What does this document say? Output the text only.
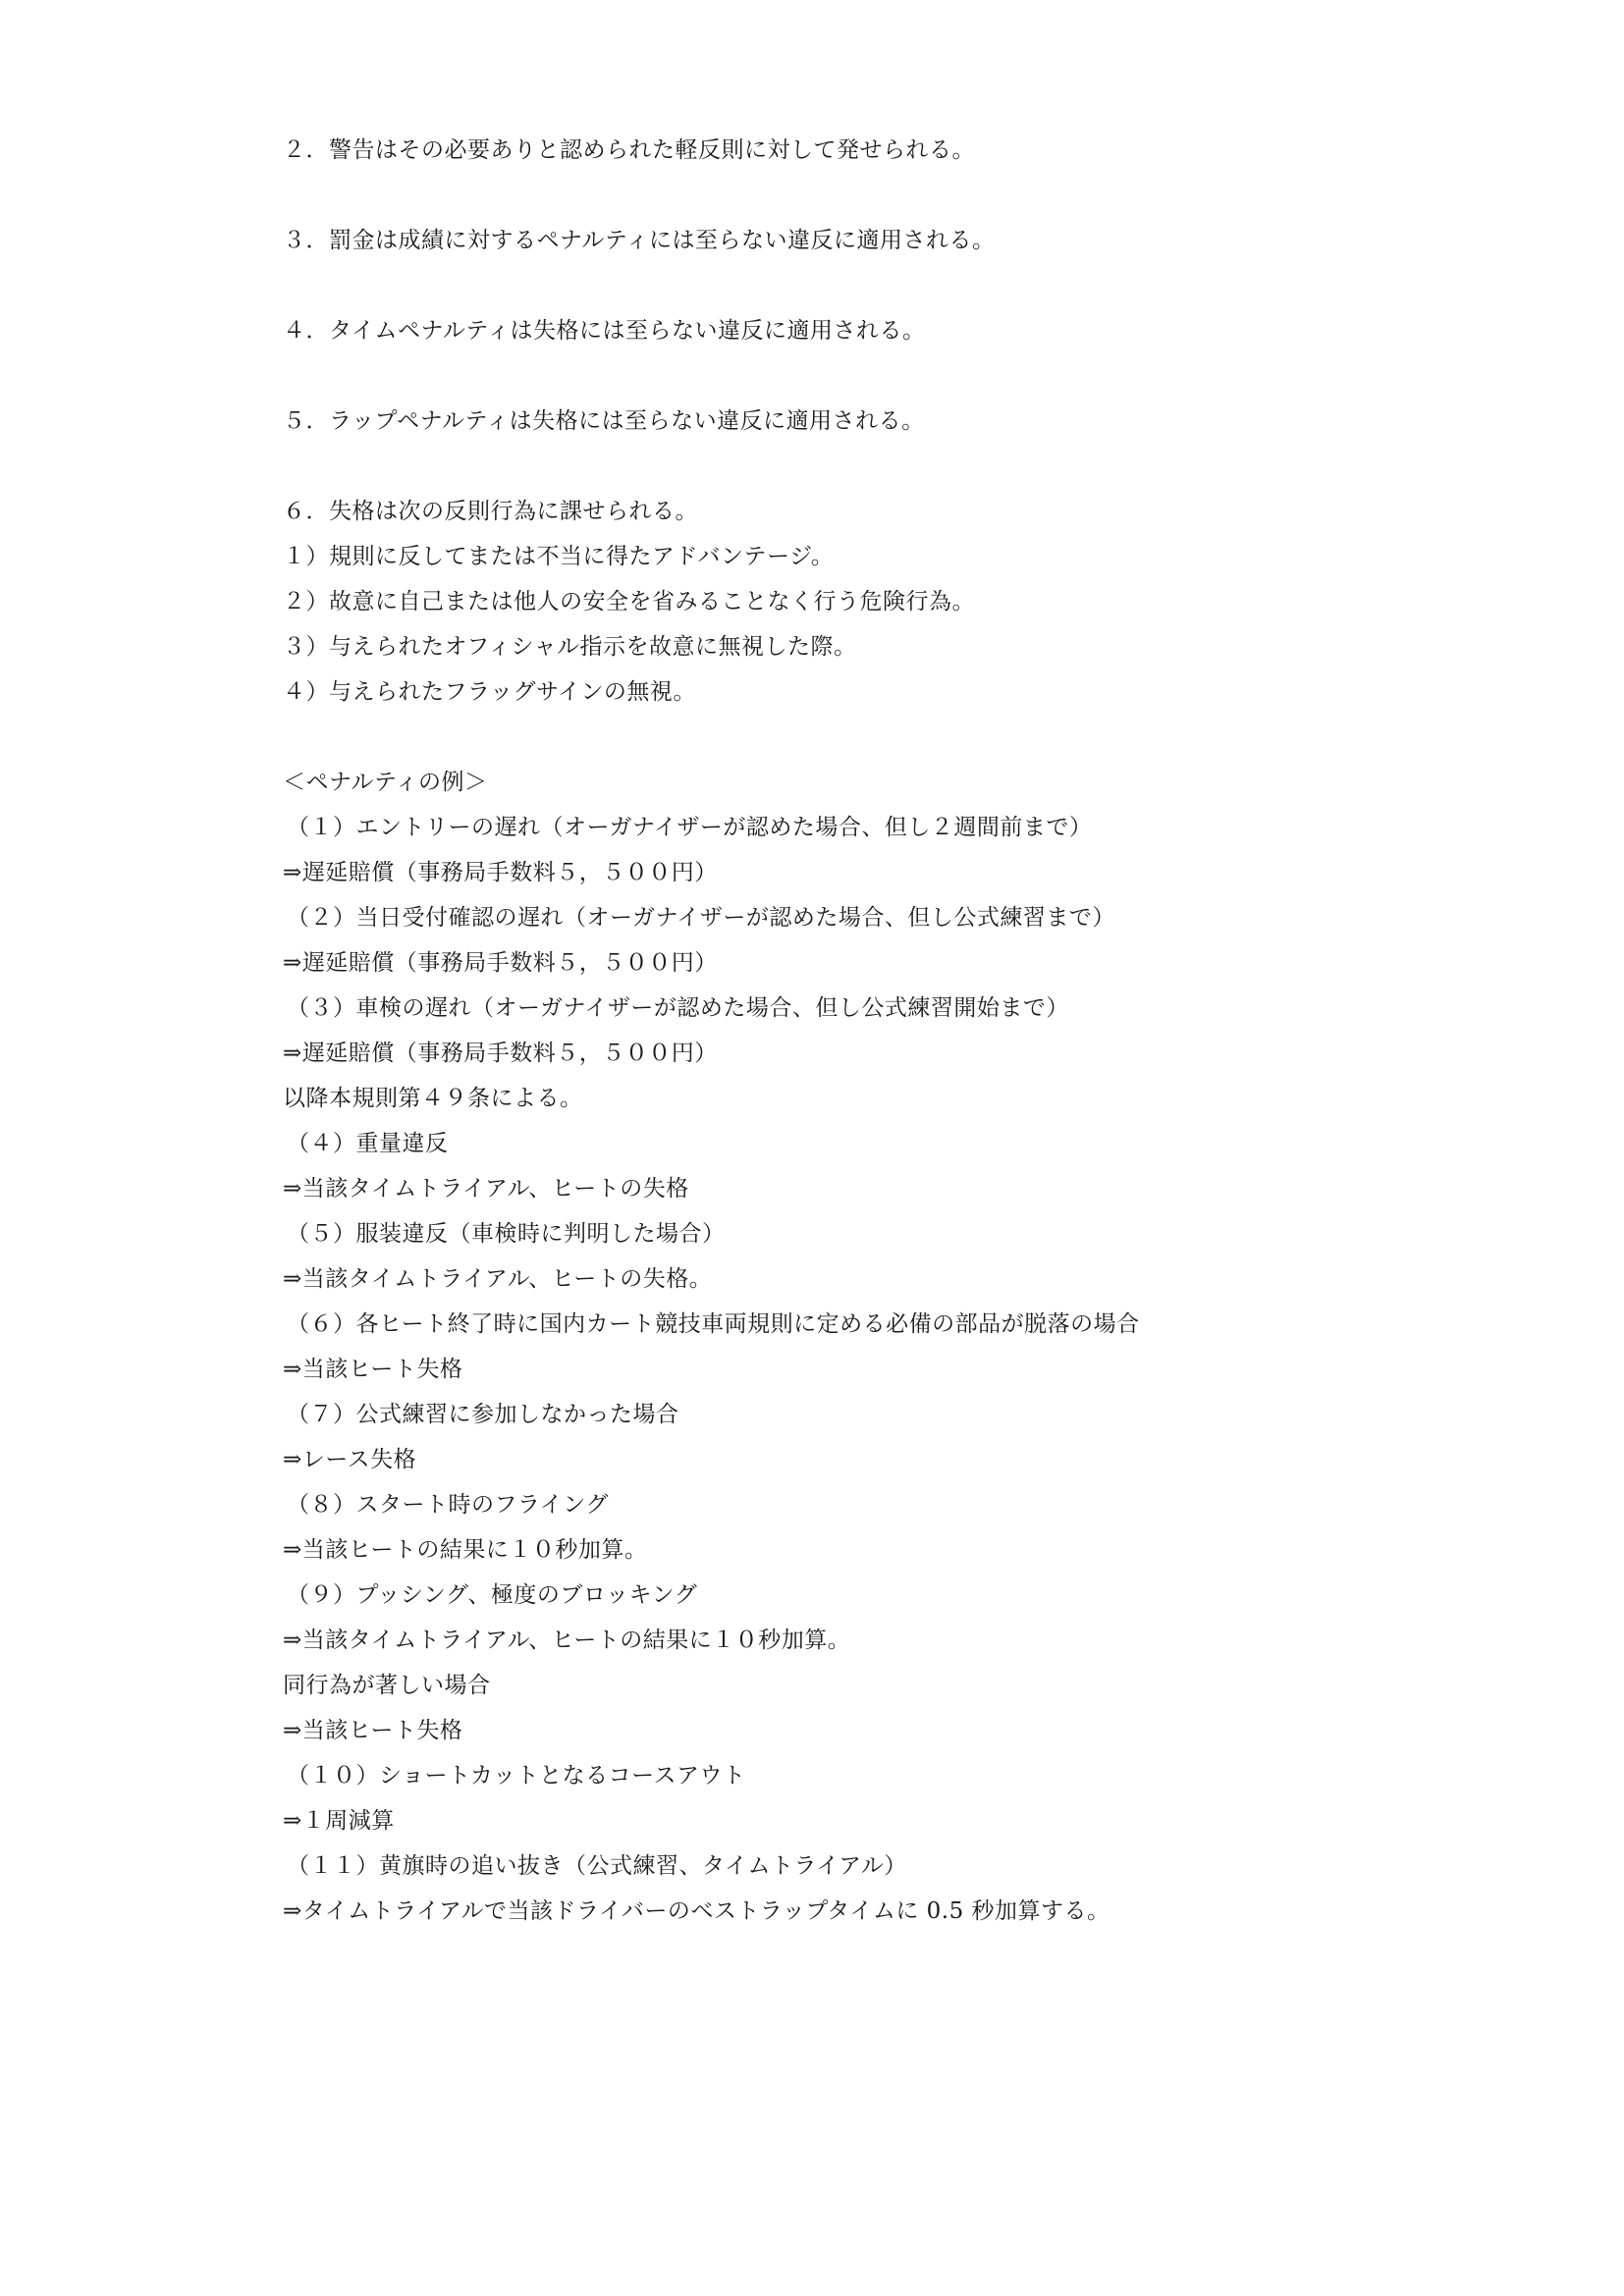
２．警告はその必要ありと認められた軽反則に対して発せられる。
３．罰金は成績に対するペナルティには至らない違反に適用される。
４．タイムペナルティは失格には至らない違反に適用される。
５．ラップペナルティは失格には至らない違反に適用される。
６．失格は次の反則行為に課せられる。
１）規則に反してまたは不当に得たアドバンテージ。
２）故意に自己または他人の安全を省みることなく行う危険行為。
３）与えられたオフィシャル指示を故意に無視した際。
４）与えられたフラッグサインの無視。
＜ペナルティの例＞
（１）エントリーの遅れ（オーガナイザーが認めた場合、但し２週間前まで）
⇒遅延賠償（事務局手数料５，５００円）
（２）当日受付確認の遅れ（オーガナイザーが認めた場合、但し公式練習まで）
⇒遅延賠償（事務局手数料５，５００円）
（３）車検の遅れ（オーガナイザーが認めた場合、但し公式練習開始まで）
⇒遅延賠償（事務局手数料５，５００円）
以降本規則第４９条による。
（４）重量違反
⇒当該タイムトライアル、ヒートの失格
（５）服装違反（車検時に判明した場合）
⇒当該タイムトライアル、ヒートの失格。
（６）各ヒート終了時に国内カート競技車両規則に定める必備の部品が脱落の場合
⇒当該ヒート失格
（７）公式練習に参加しなかった場合
⇒レース失格
（８）スタート時のフライング
⇒当該ヒートの結果に１０秒加算。
（９）プッシング、極度のブロッキング
⇒当該タイムトライアル、ヒートの結果に１０秒加算。
同行為が著しい場合
⇒当該ヒート失格
（１０）ショートカットとなるコースアウト
⇒１周減算
（１１）黄旗時の追い抜き（公式練習、タイムトライアル）
⇒タイムトライアルで当該ドライバーのベストラップタイムに 0.5 秒加算する。
